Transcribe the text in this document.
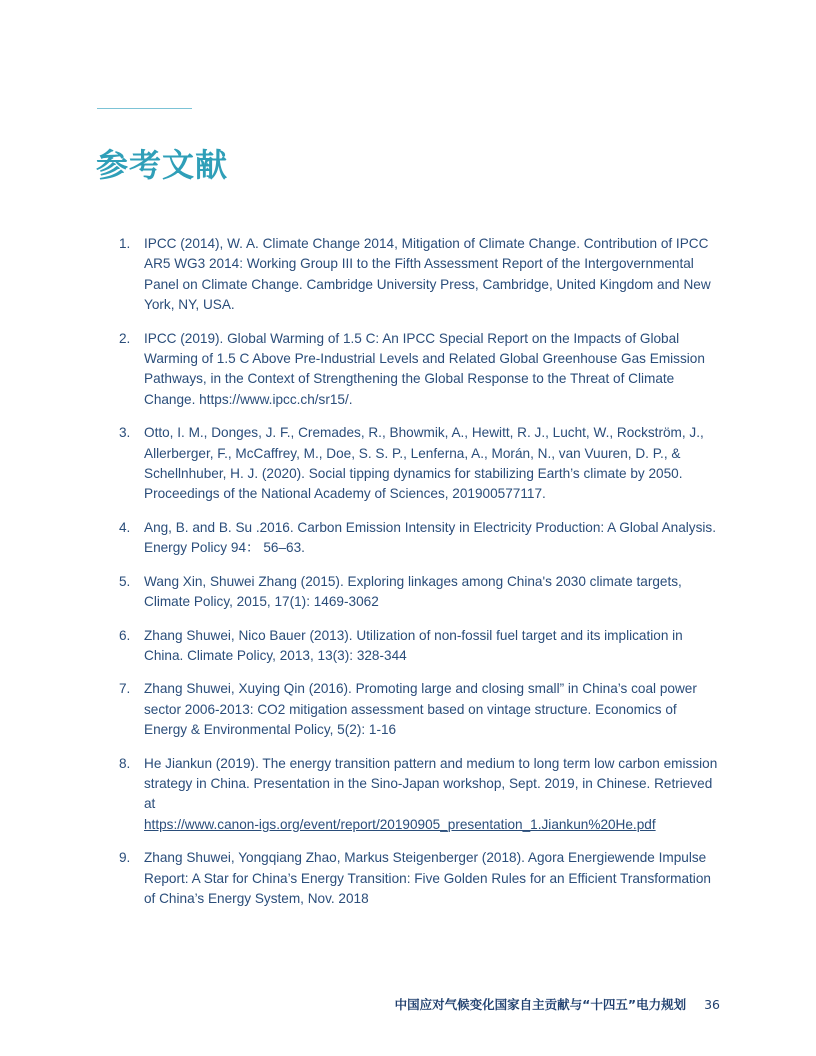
参考文献
1. IPCC (2014), W. A. Climate Change 2014, Mitigation of Climate Change. Contribution of IPCC AR5 WG3 2014: Working Group III to the Fifth Assessment Report of the Intergovernmental Panel on Climate Change. Cambridge University Press, Cambridge, United Kingdom and New York, NY, USA.
2. IPCC (2019). Global Warming of 1.5 C: An IPCC Special Report on the Impacts of Global Warming of 1.5 C Above Pre-Industrial Levels and Related Global Greenhouse Gas Emission Pathways, in the Context of Strengthening the Global Response to the Threat of Climate Change. https://www.ipcc.ch/sr15/.
3. Otto, I. M., Donges, J. F., Cremades, R., Bhowmik, A., Hewitt, R. J., Lucht, W., Rockström, J., Allerberger, F., McCaffrey, M., Doe, S. S. P., Lenferna, A., Morán, N., van Vuuren, D. P., & Schellnhuber, H. J. (2020). Social tipping dynamics for stabilizing Earth’s climate by 2050. Proceedings of the National Academy of Sciences, 201900577117.
4. Ang, B. and B. Su .2016. Carbon Emission Intensity in Electricity Production: A Global Analysis. Energy Policy 94： 56–63.
5. Wang Xin, Shuwei Zhang (2015). Exploring linkages among China's 2030 climate targets, Climate Policy, 2015, 17(1): 1469-3062
6. Zhang Shuwei, Nico Bauer (2013). Utilization of non-fossil fuel target and its implication in China. Climate Policy, 2013, 13(3): 328-344
7. Zhang Shuwei, Xuying Qin (2016). Promoting large and closing small” in China’s coal power sector 2006-2013: CO2 mitigation assessment based on vintage structure. Economics of Energy & Environmental Policy, 5(2): 1-16
8. He Jiankun (2019). The energy transition pattern and medium to long term low carbon emission strategy in China. Presentation in the Sino-Japan workshop, Sept. 2019, in Chinese. Retrieved at
https://www.canon-igs.org/event/report/20190905_presentation_1.Jiankun%20He.pdf
9. Zhang Shuwei, Yongqiang Zhao, Markus Steigenberger (2018). Agora Energiewende Impulse Report: A Star for China’s Energy Transition: Five Golden Rules for an Efficient Transformation of China’s Energy System, Nov. 2018
中国应对气候变化国家自主贡献与“十四五”电力规划 36
